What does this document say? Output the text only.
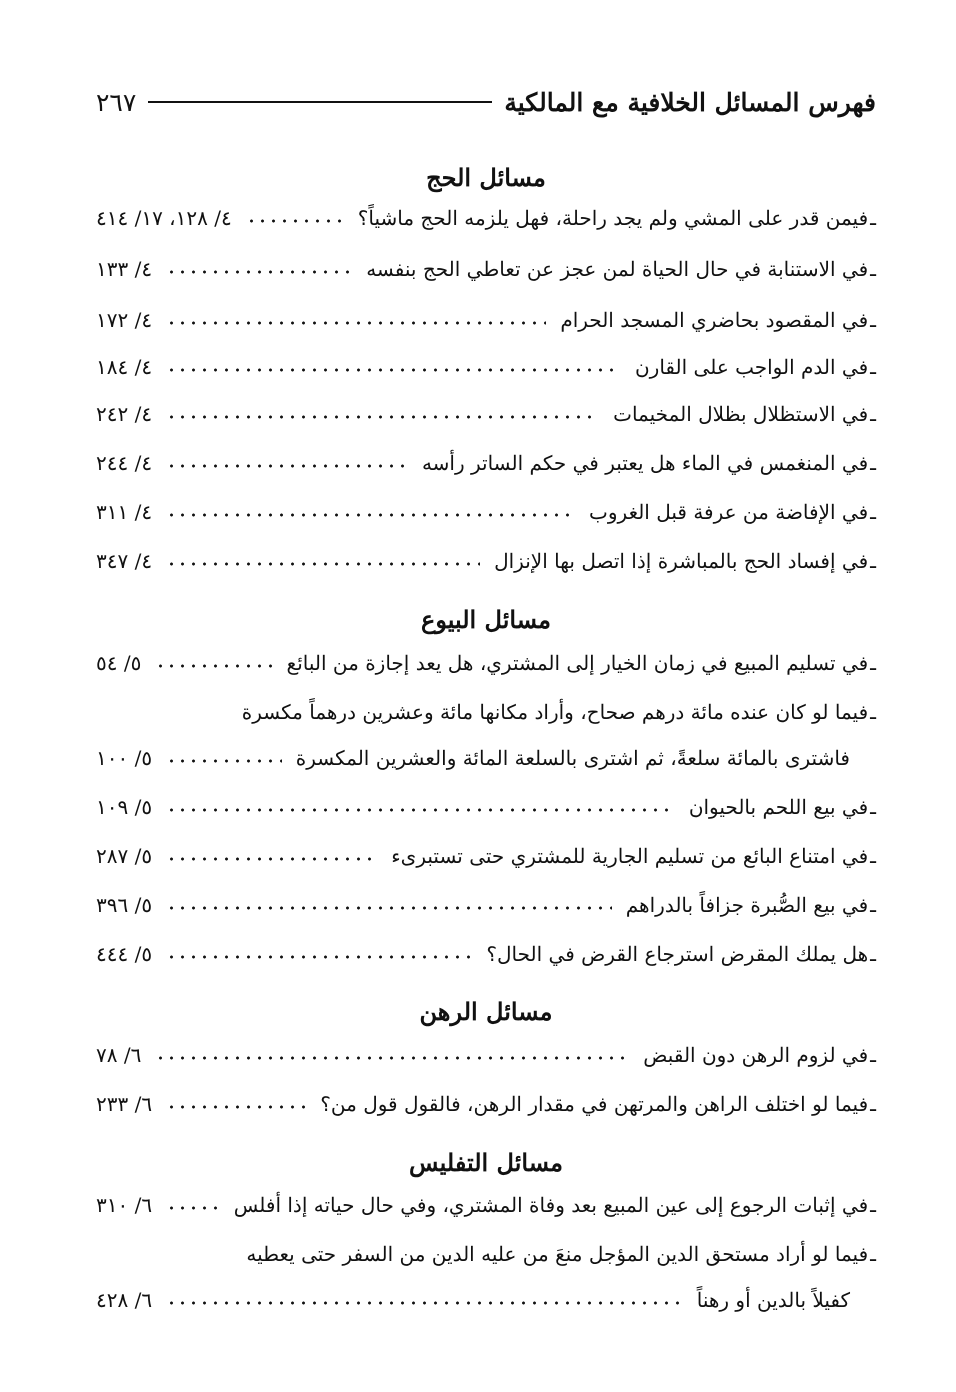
فهرس المسائل الخلافية مع المالكية
٢٦٧
مسائل الحج
ـ
فيمن قدر على المشي ولم يجد راحلة، فهل يلزمه الحج ماشياً؟
٤/ ١٢٨، ١٧/ ٤١٤
ـ
في الاستنابة في حال الحياة لمن عجز عن تعاطي الحج بنفسه
٤/ ١٣٣
ـ
في المقصود بحاضري المسجد الحرام
٤/ ١٧٢
ـ
في الدم الواجب على القارن
٤/ ١٨٤
ـ
في الاستظلال بظلال المخيمات
٤/ ٢٤٢
ـ
في المنغمس في الماء هل يعتبر في حكم الساتر رأسه
٤/ ٢٤٤
ـ
في الإفاضة من عرفة قبل الغروب
٤/ ٣١١
ـ
في إفساد الحج بالمباشرة إذا اتصل بها الإنزال
٤/ ٣٤٧
مسائل البيوع
ـ
في تسليم المبيع في زمان الخيار إلى المشتري، هل يعد إجازة من البائع
٥/ ٥٤
ـ
فيما لو كان عنده مائة درهم صحاح، وأراد مكانها مائة وعشرين درهماً مكسرة
فاشترى بالمائة سلعةً، ثم اشترى بالسلعة المائة والعشرين المكسرة
٥/ ١٠٠
ـ
في بيع اللحم بالحيوان
٥/ ١٠٩
ـ
في امتناع البائع من تسليم الجارية للمشتري حتى تستبرىء
٥/ ٢٨٧
ـ
في بيع الصُّبرة جزافاً بالدراهم
٥/ ٣٩٦
ـ
هل يملك المقرض استرجاع القرض في الحال؟
٥/ ٤٤٤
مسائل الرهن
ـ
في لزوم الرهن دون القبض
٦/ ٧٨
ـ
فيما لو اختلف الراهن والمرتهن في مقدار الرهن، فالقول قول من؟
٦/ ٢٣٣
مسائل التفليس
ـ
في إثبات الرجوع إلى عين المبيع بعد وفاة المشتري، وفي حال حياته إذا أفلس
٦/ ٣١٠
ـ
فيما لو أراد مستحق الدين المؤجل منعَ من عليه الدين من السفر حتى يعطيه
كفيلاً بالدين أو رهناً
٦/ ٤٢٨
